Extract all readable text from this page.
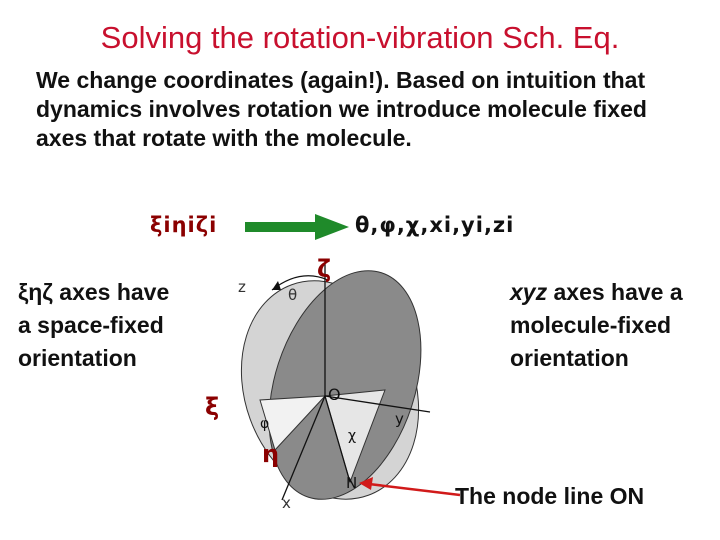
Solving the rotation-vibration Sch. Eq.
We change coordinates (again!). Based on intuition that dynamics involves rotation we introduce molecule fixed axes that rotate with the molecule.
ξiηiζi	θ,φ,χ,xi,yi,zi
ξηζ axes have a space-fixed orientation
xyz axes have a molecule-fixed orientation
z	θ
O
φ
χ
y
x
N
ζ
ξ
η
The node line ON
